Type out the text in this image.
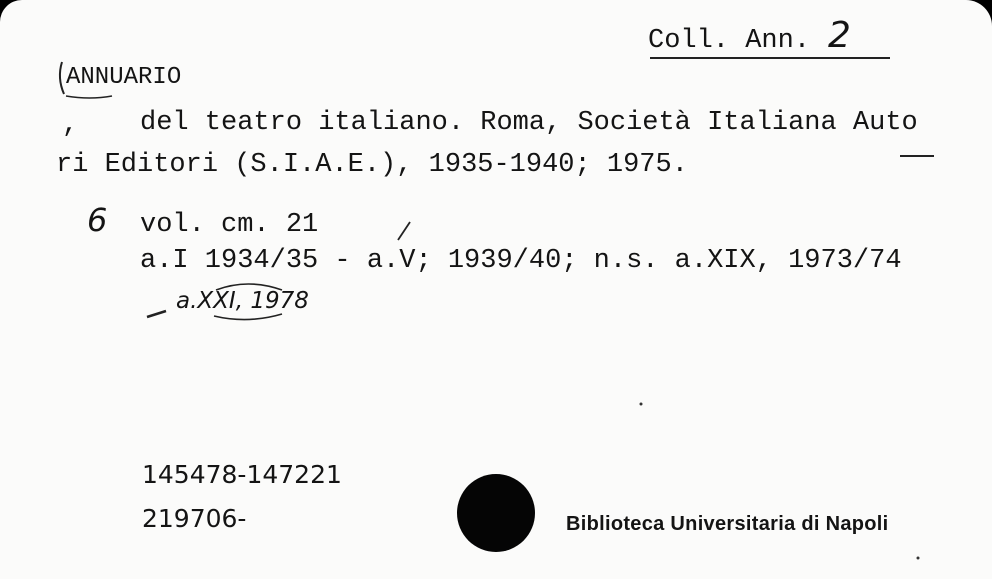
Coll. Ann. 2
ANNUARIO
, del teatro italiano. Roma, Società Italiana Auto
ri Editori (S.I.A.E.), 1935-1940; 1975.
6 vol. cm. 21
a.I 1934/35 - a.V; 1939/40; n.s. a.XIX, 1973/74
a.XXI, 1978
145478-147221
219706-	Biblioteca Universitaria di Napoli
